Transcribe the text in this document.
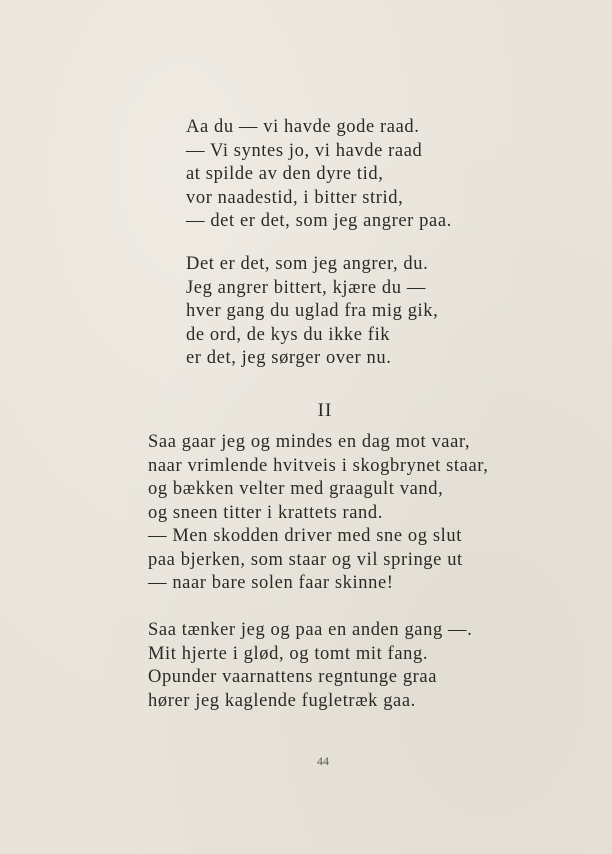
Aa du — vi havde gode raad.
— Vi syntes jo, vi havde raad
at spilde av den dyre tid,
vor naadestid, i bitter strid,
— det er det, som jeg angrer paa.
Det er det, som jeg angrer, du.
Jeg angrer bittert, kjære du —
hver gang du uglad fra mig gik,
de ord, de kys du ikke fik
er det, jeg sørger over nu.
II
Saa gaar jeg og mindes en dag mot vaar,
naar vrimlende hvitveis i skogbrynet staar,
og bækken velter med graagult vand,
og sneen titter i krattets rand.
— Men skodden driver med sne og slut
paa bjerken, som staar og vil springe ut
— naar bare solen faar skinne!
Saa tænker jeg og paa en anden gang —.
Mit hjerte i glød, og tomt mit fang.
Opunder vaarnattens regntunge graa
hører jeg kaglende fugletræk gaa.
44
